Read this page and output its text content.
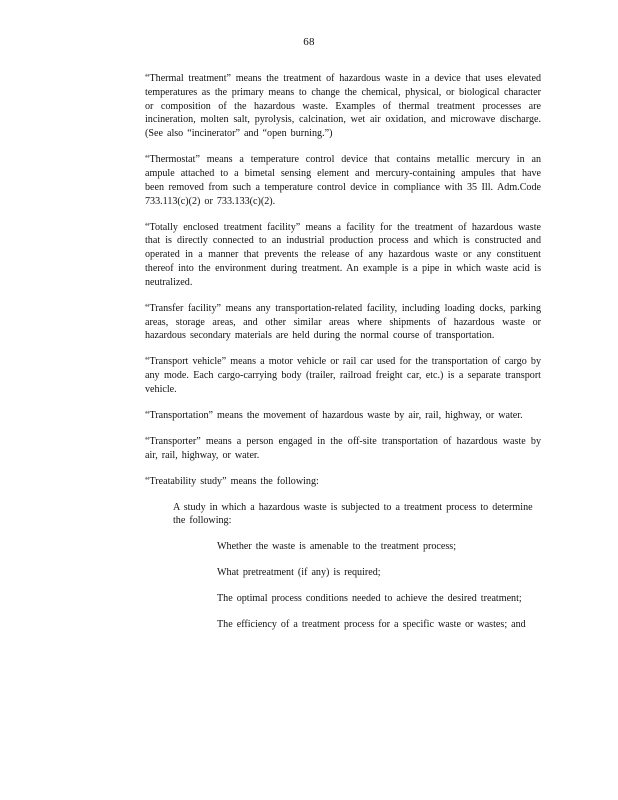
68

“Thermal treatment” means the treatment of hazardous waste in a device that uses elevated temperatures as the primary means to change the chemical, physical, or biological character or composition of the hazardous waste. Examples of thermal treatment processes are incineration, molten salt, pyrolysis, calcination, wet air oxidation, and microwave discharge. (See also “incinerator” and “open burning.”)

“Thermostat” means a temperature control device that contains metallic mercury in an ampule attached to a bimetal sensing element and mercury-containing ampules that have been removed from such a temperature control device in compliance with 35 Ill. Adm.Code 733.113(c)(2) or 733.133(c)(2).

“Totally enclosed treatment facility” means a facility for the treatment of hazardous waste that is directly connected to an industrial production process and which is constructed and operated in a manner that prevents the release of any hazardous waste or any constituent thereof into the environment during treatment. An example is a pipe in which waste acid is neutralized.

“Transfer facility” means any transportation-related facility, including loading docks, parking areas, storage areas, and other similar areas where shipments of hazardous waste or hazardous secondary materials are held during the normal course of transportation.

“Transport vehicle” means a motor vehicle or rail car used for the transportation of cargo by any mode. Each cargo-carrying body (trailer, railroad freight car, etc.) is a separate transport vehicle.

“Transportation” means the movement of hazardous waste by air, rail, highway, or water.

“Transporter” means a person engaged in the off-site transportation of hazardous waste by air, rail, highway, or water.

“Treatability study” means the following:

A study in which a hazardous waste is subjected to a treatment process to determine the following:

Whether the waste is amenable to the treatment process;

What pretreatment (if any) is required;

The optimal process conditions needed to achieve the desired treatment;

The efficiency of a treatment process for a specific waste or wastes; and
